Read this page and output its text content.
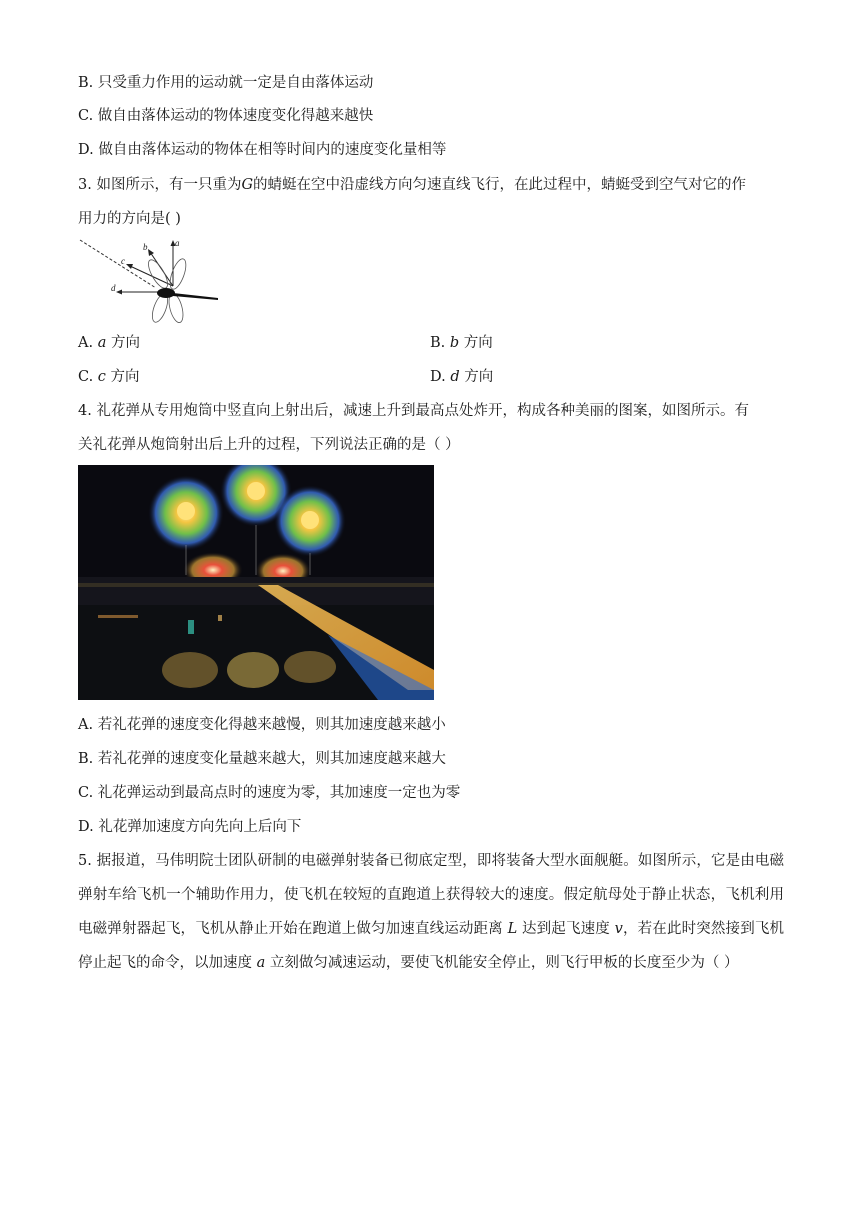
B. 只受重力作用的运动就一定是自由落体运动
C. 做自由落体运动的物体速度变化得越来越快
D. 做自由落体运动的物体在相等时间内的速度变化量相等
3. 如图所示，有一只重为G的蜻蜓在空中沿虚线方向匀速直线飞行，在此过程中，蜻蜓受到空气对它的作
用力的方向是( )
a
b
c
d
A. a 方向	B. b 方向
C. c 方向	D. d 方向
4. 礼花弹从专用炮筒中竖直向上射出后，减速上升到最高点处炸开，构成各种美丽的图案，如图所示。有
关礼花弹从炮筒射出后上升的过程，下列说法正确的是（ ）
A. 若礼花弹的速度变化得越来越慢，则其加速度越来越小
B. 若礼花弹的速度变化量越来越大，则其加速度越来越大
C. 礼花弹运动到最高点时的速度为零，其加速度一定也为零
D. 礼花弹加速度方向先向上后向下
5. 据报道，马伟明院士团队研制的电磁弹射装备已彻底定型，即将装备大型水面舰艇。如图所示，它是由电磁弹射车给飞机一个辅助作用力，使飞机在较短的直跑道上获得较大的速度。假定航母处于静止状态，飞机利用电磁弹射器起飞，飞机从静止开始在跑道上做匀加速直线运动距离 L 达到起飞速度 v，若在此时突然接到飞机停止起飞的命令，以加速度 a 立刻做匀减速运动，要使飞机能安全停止，则飞行甲板的长度至少为（ ）
